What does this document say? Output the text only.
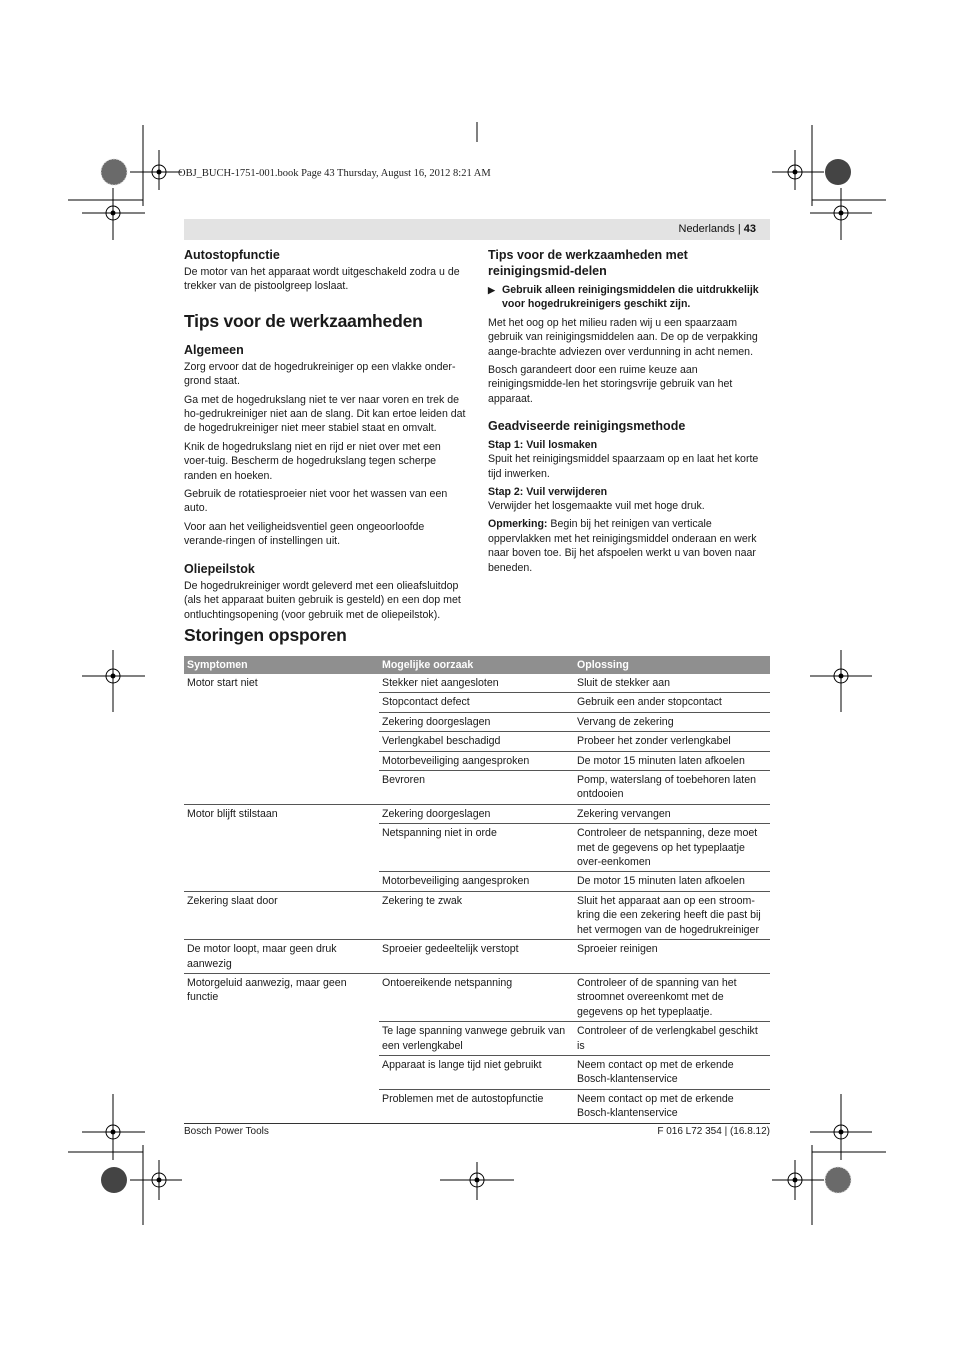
OBJ_BUCH-1751-001.book Page 43 Thursday, August 16, 2012 8:21 AM
Nederlands | 43
Autostopfunctie

De motor van het apparaat wordt uitgeschakeld zodra u de trekker van de pistoolgreep loslaat.

Tips voor de werkzaamheden
Algemeen

Zorg ervoor dat de hogedrukreiniger op een vlakke onder-grond staat.

Ga met de hogedrukslang niet te ver naar voren en trek de ho-gedrukreiniger niet aan de slang. Dit kan ertoe leiden dat de hogedrukreiniger niet meer stabiel staat en omvalt.

Knik de hogedrukslang niet en rijd er niet over met een voer-tuig. Bescherm de hogedrukslang tegen scherpe randen en hoeken.

Gebruik de rotatiesproeier niet voor het wassen van een auto.

Voor aan het veiligheidsventiel geen ongeoorloofde verande-ringen of instellingen uit.

Oliepeilstok

De hogedrukreiniger wordt geleverd met een olieafsluitdop (als het apparaat buiten gebruik is gesteld) en een dop met ontluchtingsopening (voor gebruik met de oliepeilstok).

Tips voor de werkzaamheden met reinigingsmid-delen

▶ Gebruik alleen reinigingsmiddelen die uitdrukkelijk voor hogedrukreinigers geschikt zijn.

Met het oog op het milieu raden wij u een spaarzaam gebruik van reinigingsmiddelen aan. De op de verpakking aange-brachte adviezen over verdunning in acht nemen.

Bosch garandeert door een ruime keuze aan reinigingsmidde-len het storingsvrije gebruik van het apparaat.

Geadviseerde reinigingsmethode
Stap 1: Vuil losmaken

Spuit het reinigingsmiddel spaarzaam op en laat het korte tijd inwerken.

Stap 2: Vuil verwijderen

Verwijder het losgemaakte vuil met hoge druk.

Opmerking: Begin bij het reinigen van verticale oppervlakken met het reinigingsmiddel onderaan en werk naar boven toe. Bij het afspoelen werkt u van boven naar beneden.

Storingen opsporen
Symptomen	Mogelijke oorzaak	Oplossing
Motor start niet	Stekker niet aangesloten	Sluit de stekker aan
	Stopcontact defect	Gebruik een ander stopcontact
	Zekering doorgeslagen	Vervang de zekering
	Verlengkabel beschadigd	Probeer het zonder verlengkabel
	Motorbeveiliging aangesproken	De motor 15 minuten laten afkoelen
	Bevroren	Pomp, waterslang of toebehoren laten ontdooien
Motor blijft stilstaan	Zekering doorgeslagen	Zekering vervangen
	Netspanning niet in orde	Controleer de netspanning, deze moet met de gegevens op het typeplaatje over-eenkomen
	Motorbeveiliging aangesproken	De motor 15 minuten laten afkoelen
Zekering slaat door	Zekering te zwak	Sluit het apparaat aan op een stroom-kring die een zekering heeft die past bij het vermogen van de hogedrukreiniger
De motor loopt, maar geen druk aanwezig	Sproeier gedeeltelijk verstopt	Sproeier reinigen
Motorgeluid aanwezig, maar geen functie	Ontoereikende netspanning	Controleer of de spanning van het stroomnet overeenkomt met de gegevens op het typeplaatje.
	Te lage spanning vanwege gebruik van een verlengkabel	Controleer of de verlengkabel geschikt is
	Apparaat is lange tijd niet gebruikt	Neem contact op met de erkende Bosch-klantenservice
	Problemen met de autostopfunctie	Neem contact op met de erkende Bosch-klantenservice
Bosch Power Tools	F 016 L72 354 | (16.8.12)
